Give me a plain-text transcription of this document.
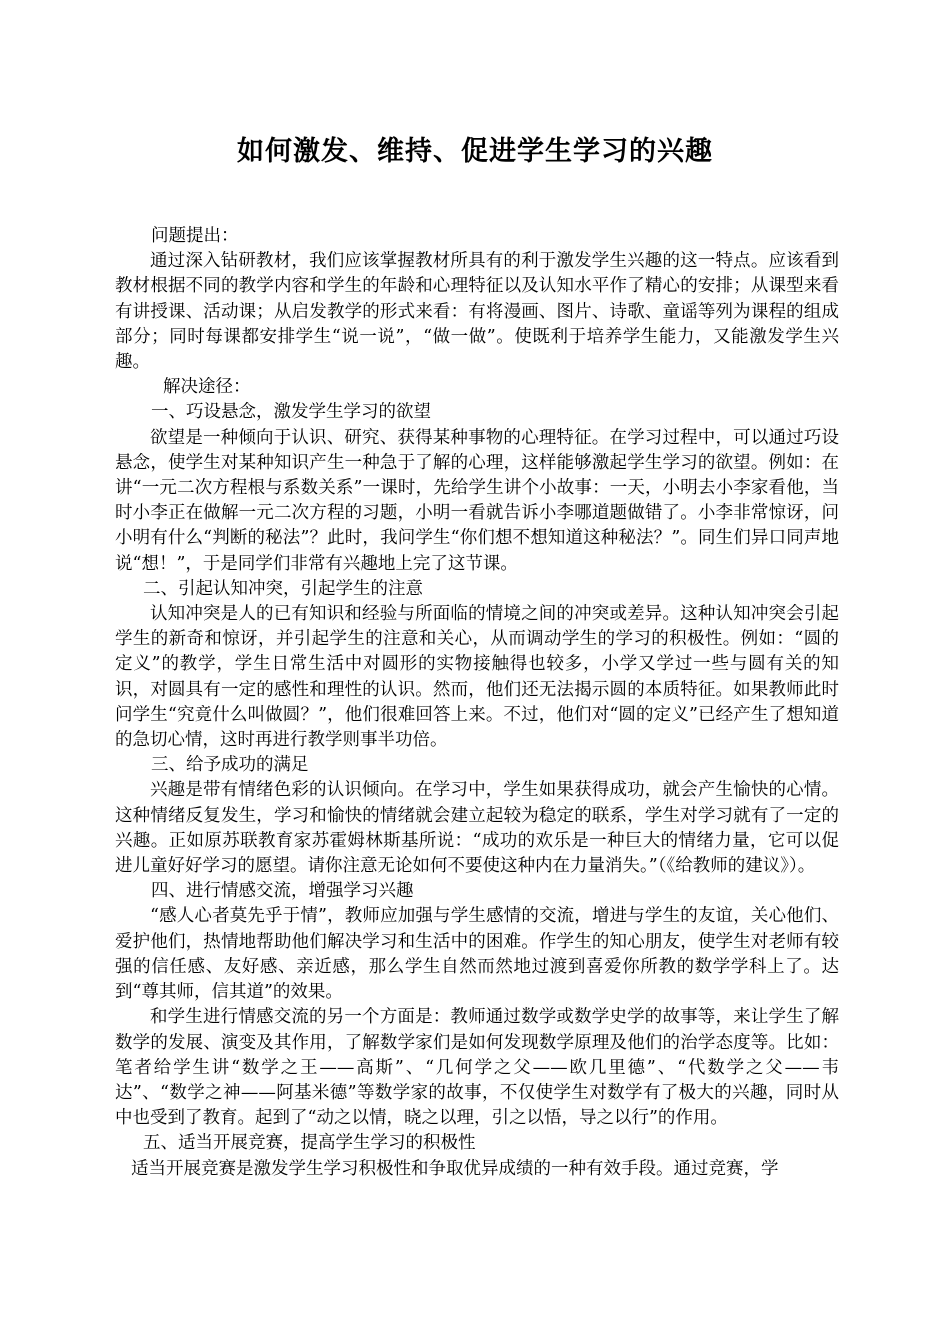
如何激发、维持、促进学生学习的兴趣

问题提出：

通过深入钻研教材，我们应该掌握教材所具有的利于激发学生兴趣的这一特点。应该看到教材根据不同的教学内容和学生的年龄和心理特征以及认知水平作了精心的安排；从课型来看有讲授课、活动课；从启发教学的形式来看：有将漫画、图片、诗歌、童谣等列为课程的组成部分；同时每课都安排学生“说一说”，“做一做”。使既利于培养学生能力，又能激发学生兴趣。

解决途径：

一、巧设悬念，激发学生学习的欲望

欲望是一种倾向于认识、研究、获得某种事物的心理特征。在学习过程中，可以通过巧设悬念，使学生对某种知识产生一种急于了解的心理，这样能够激起学生学习的欲望。例如：在讲“一元二次方程根与系数关系”一课时，先给学生讲个小故事：一天，小明去小李家看他，当时小李正在做解一元二次方程的习题，小明一看就告诉小李哪道题做错了。小李非常惊讶，问小明有什么“判断的秘法”？此时，我问学生“你们想不想知道这种秘法？”。同生们异口同声地说“想！”，于是同学们非常有兴趣地上完了这节课。

二、引起认知冲突，引起学生的注意

认知冲突是人的已有知识和经验与所面临的情境之间的冲突或差异。这种认知冲突会引起学生的新奇和惊讶，并引起学生的注意和关心，从而调动学生的学习的积极性。例如：“圆的定义”的教学，学生日常生活中对圆形的实物接触得也较多，小学又学过一些与圆有关的知识，对圆具有一定的感性和理性的认识。然而，他们还无法揭示圆的本质特征。如果教师此时问学生“究竟什么叫做圆？”，他们很难回答上来。不过，他们对“圆的定义”已经产生了想知道的急切心情，这时再进行教学则事半功倍。

三、给予成功的满足

兴趣是带有情绪色彩的认识倾向。在学习中，学生如果获得成功，就会产生愉快的心情。这种情绪反复发生，学习和愉快的情绪就会建立起较为稳定的联系，学生对学习就有了一定的兴趣。正如原苏联教育家苏霍姆林斯基所说：“成功的欢乐是一种巨大的情绪力量，它可以促进儿童好好学习的愿望。请你注意无论如何不要使这种内在力量消失。”（《给教师的建议》）。

四、进行情感交流，增强学习兴趣

“感人心者莫先乎于情”，教师应加强与学生感情的交流，增进与学生的友谊，关心他们、爱护他们，热情地帮助他们解决学习和生活中的困难。作学生的知心朋友，使学生对老师有较强的信任感、友好感、亲近感，那么学生自然而然地过渡到喜爱你所教的数学学科上了。达到“尊其师，信其道”的效果。

和学生进行情感交流的另一个方面是：教师通过数学或数学史学的故事等，来让学生了解数学的发展、演变及其作用，了解数学家们是如何发现数学原理及他们的治学态度等。比如：笔者给学生讲“数学之王——高斯”、“几何学之父——欧几里德”、“代数学之父——韦达”、“数学之神——阿基米德”等数学家的故事，不仅使学生对数学有了极大的兴趣，同时从中也受到了教育。起到了“动之以情，晓之以理，引之以悟，导之以行”的作用。

五、适当开展竞赛，提高学生学习的积极性

适当开展竞赛是激发学生学习积极性和争取优异成绩的一种有效手段。通过竞赛，学
